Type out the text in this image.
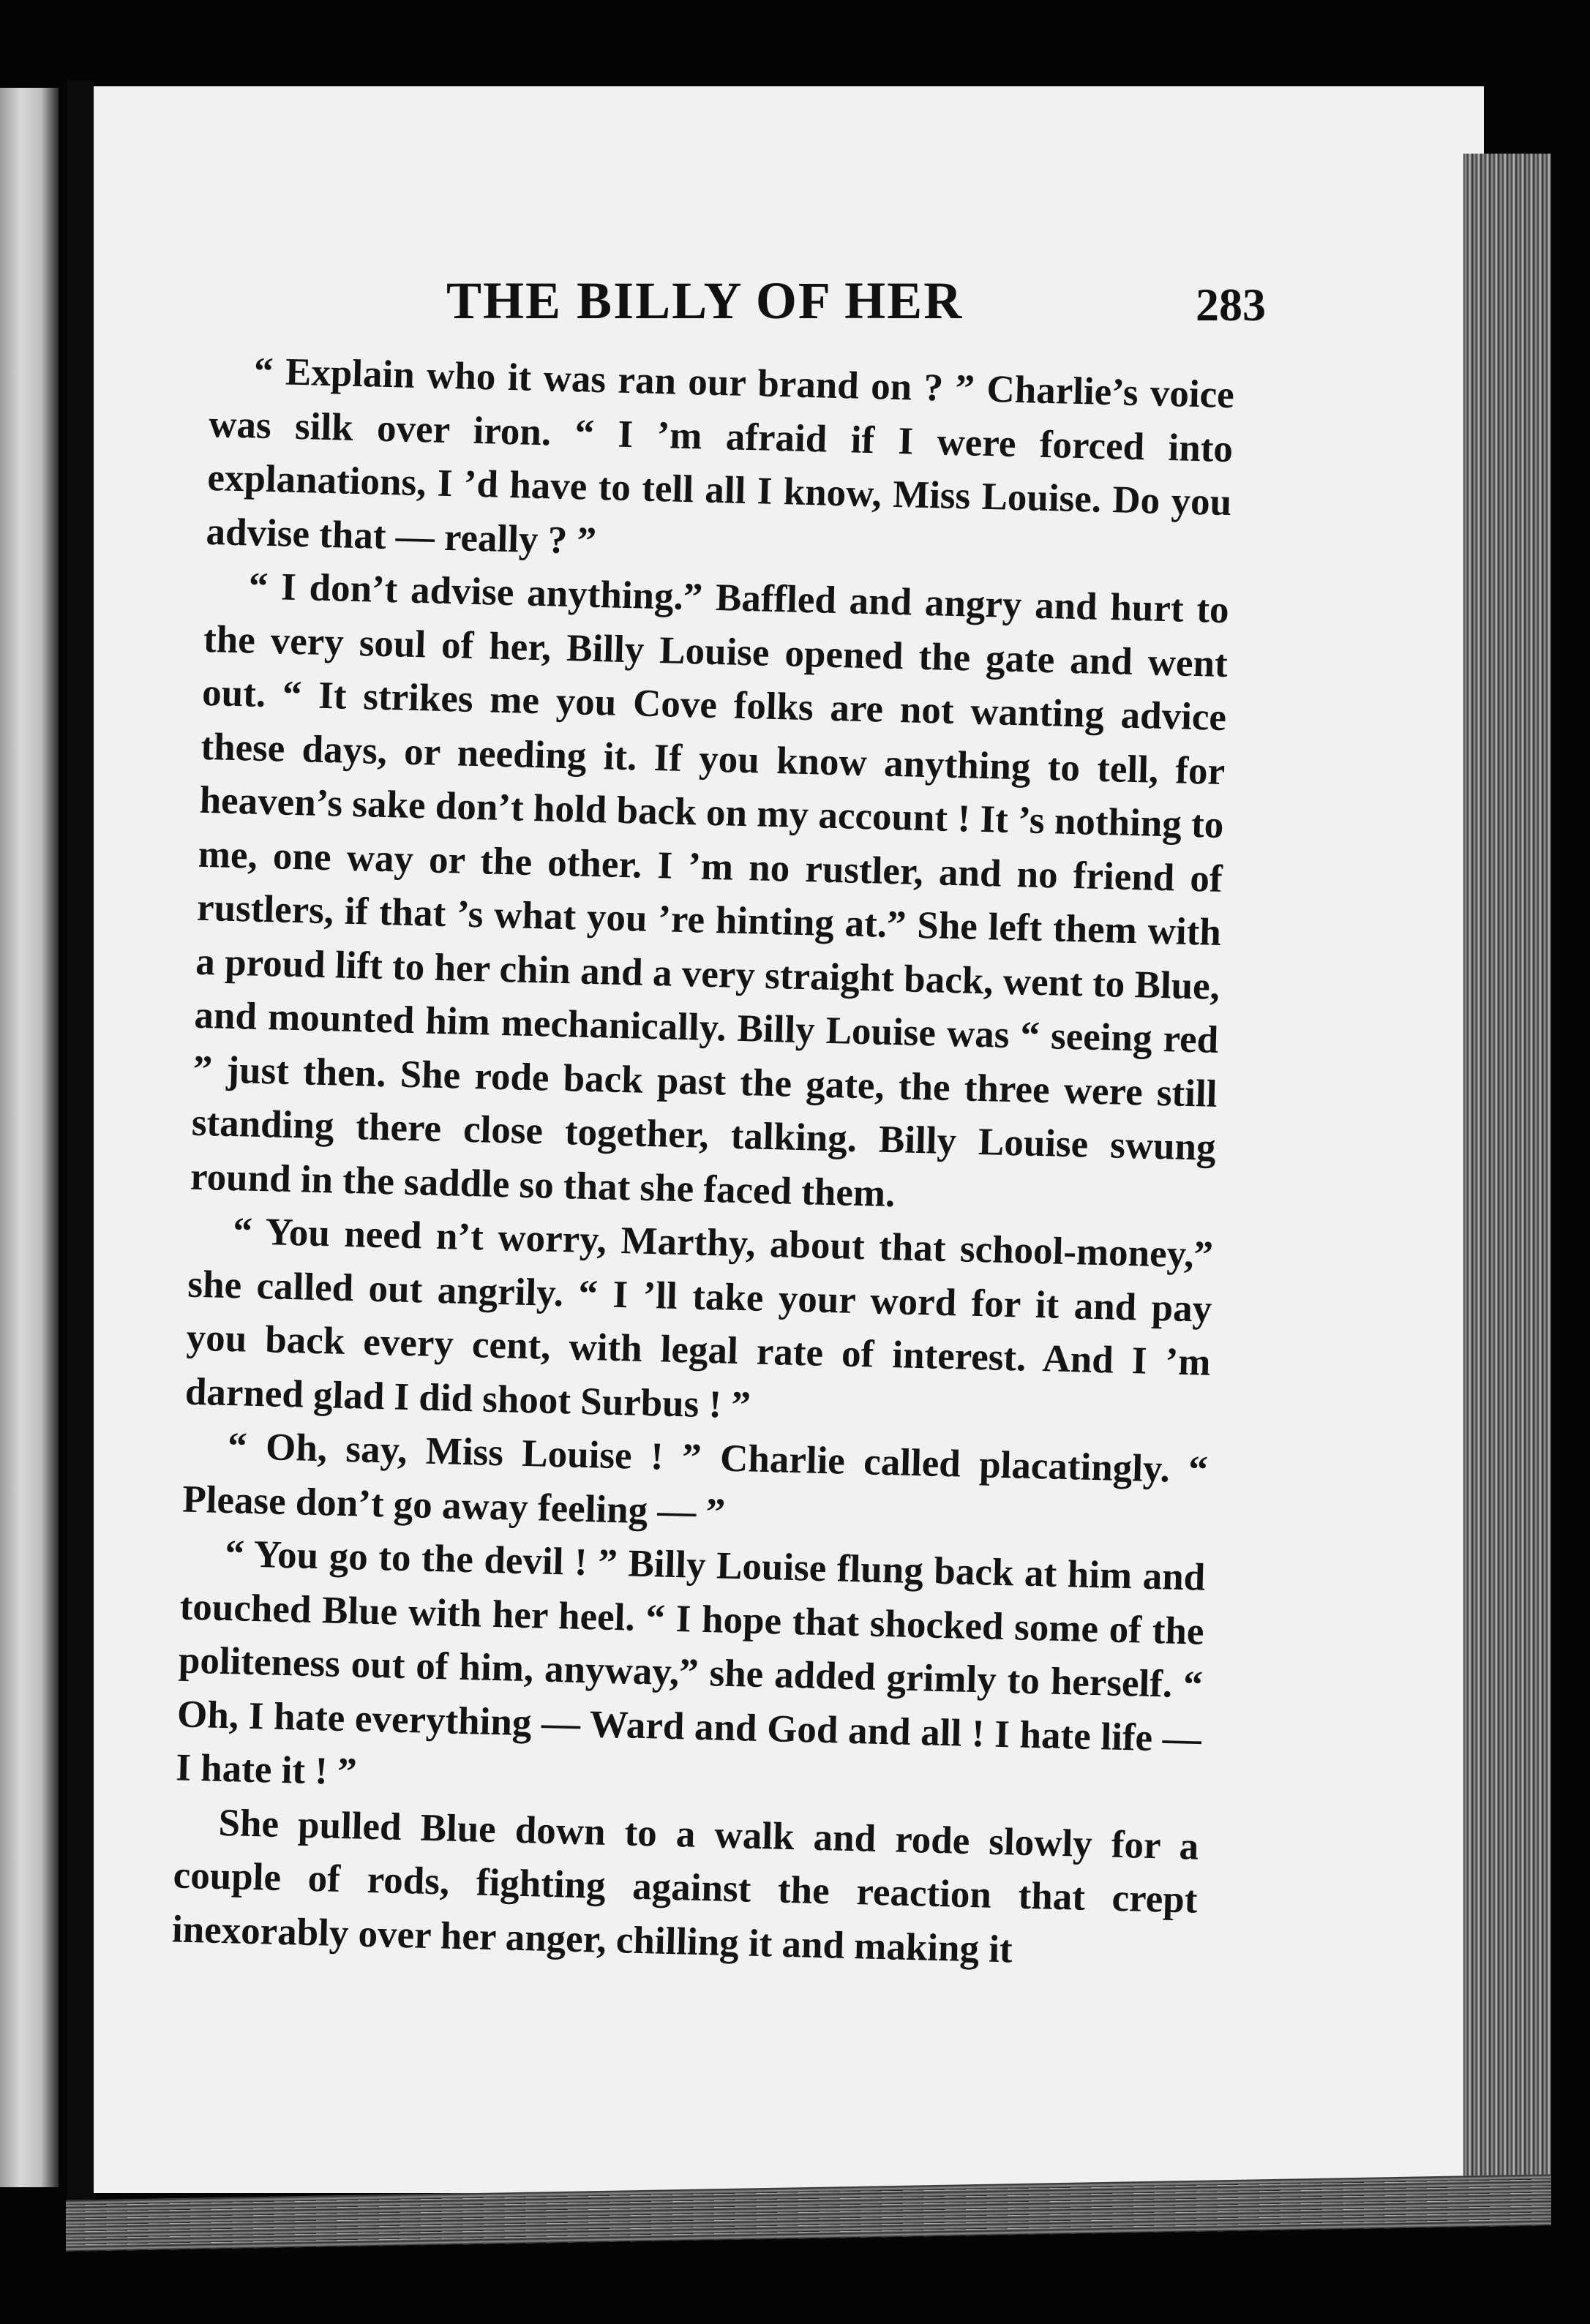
THE BILLY OF HER	283

“ Explain who it was ran our brand on ? ” Charlie’s voice was silk over iron. “ I ’m afraid if I were forced into explanations, I ’d have to tell all I know, Miss Louise. Do you advise that — really ? ”

“ I don’t advise anything.” Baffled and angry and hurt to the very soul of her, Billy Louise opened the gate and went out. “ It strikes me you Cove folks are not wanting advice these days, or needing it. If you know anything to tell, for heaven’s sake don’t hold back on my account ! It ’s nothing to me, one way or the other. I ’m no rustler, and no friend of rustlers, if that ’s what you ’re hinting at.” She left them with a proud lift to her chin and a very straight back, went to Blue, and mounted him mechanically. Billy Louise was “ seeing red ” just then. She rode back past the gate, the three were still standing there close together, talking. Billy Louise swung round in the saddle so that she faced them.

“ You need n’t worry, Marthy, about that school-money,” she called out angrily. “ I ’ll take your word for it and pay you back every cent, with legal rate of interest. And I ’m darned glad I did shoot Surbus ! ”

“ Oh, say, Miss Louise ! ” Charlie called placatingly. “ Please don’t go away feeling — ”

“ You go to the devil ! ” Billy Louise flung back at him and touched Blue with her heel. “ I hope that shocked some of the politeness out of him, anyway,” she added grimly to herself. “ Oh, I hate everything — Ward and God and all ! I hate life — I hate it ! ”

She pulled Blue down to a walk and rode slowly for a couple of rods, fighting against the reaction that crept inexorably over her anger, chilling it and making it
